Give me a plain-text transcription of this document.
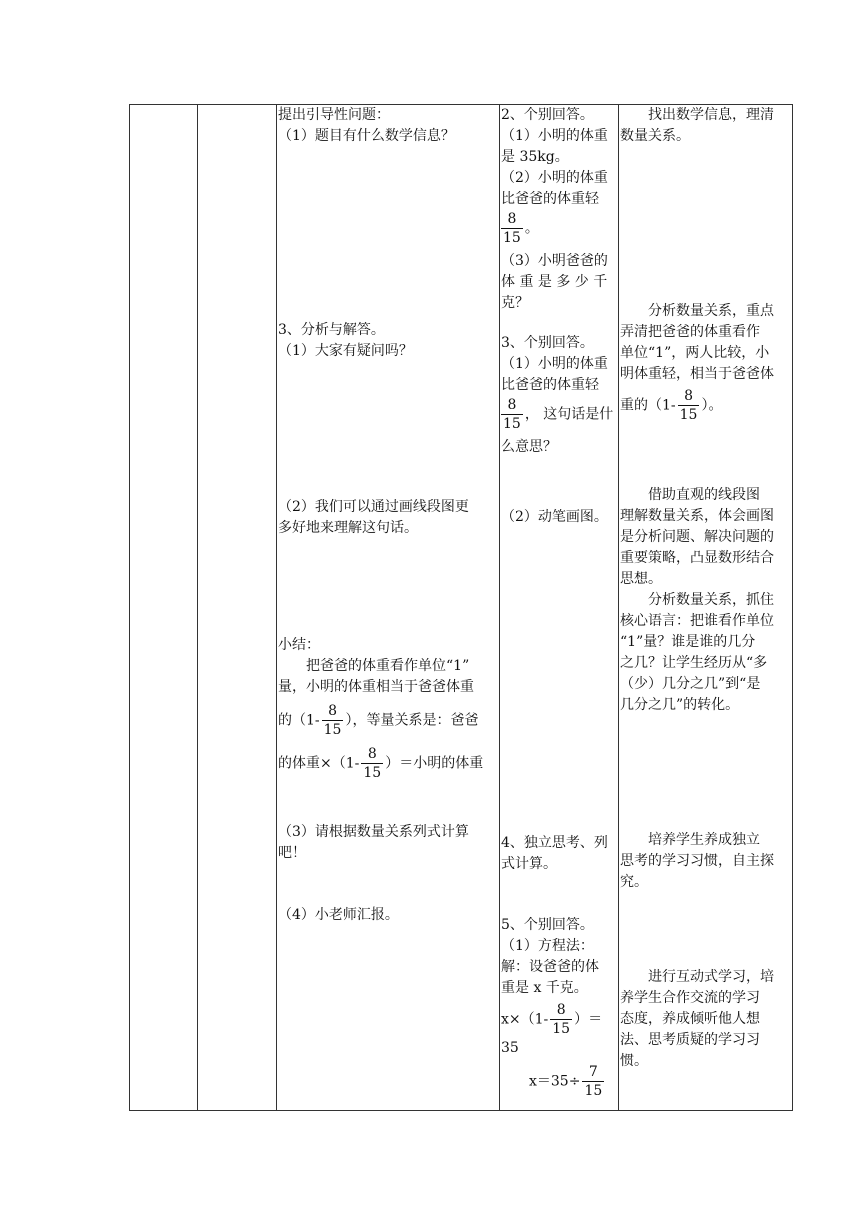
提出引导性问题：
（1）题目有什么数学信息？
3、分析与解答。
（1）大家有疑问吗？
（2）我们可以通过画线段图更
多好地来理解这句话。
小结：
把爸爸的体重看作单位“1”
量，小明的体重相当于爸爸体重
的（$1- \frac{8}{15}$ ），等量关系是：爸爸
的体重$\times(1- \frac{8}{15}$ ）＝小明的体重
（3）请根据数量关系列式计算
吧！
（4）小老师汇报。
2、个别回答。
（1）小明的体重
是 35kg。
（2）小明的体重
比爸爸的体重轻
$\frac{8}{15}$ 。
（3）小明爸爸的
体 重 是 多 少 千
克？
3、个别回答。
（1）小明的体重
比爸爸的体重轻
$\frac{8}{15}$ ， 这句话是什
么意思？
（2）动笔画图。
4、独立思考、列
式计算。
5、个别回答。
（1）方程法：
解：设爸爸的体
重是 x 千克。
$x\times(1- \frac{8}{15}$ ）＝
35
$x=35\div \frac{7}{15}$
找出数学信息，理清
数量关系。
分析数量关系，重点
弄清把爸爸的体重看作
单位“1”，两人比较，小
明体重轻，相当于爸爸体
重的（$1- \frac{8}{15}$ ）。
借助直观的线段图
理解数量关系，体会画图
是分析问题、解决问题的
重要策略，凸显数形结合
思想。
分析数量关系，抓住
核心语言：把谁看作单位
“1”量？谁是谁的几分
之几？让学生经历从“多
（少）几分之几”到“是
几分之几”的转化。
培养学生养成独立
思考的学习习惯，自主探
究。
进行互动式学习，培
养学生合作交流的学习
态度，养成倾听他人想
法、思考质疑的学习习
惯。
